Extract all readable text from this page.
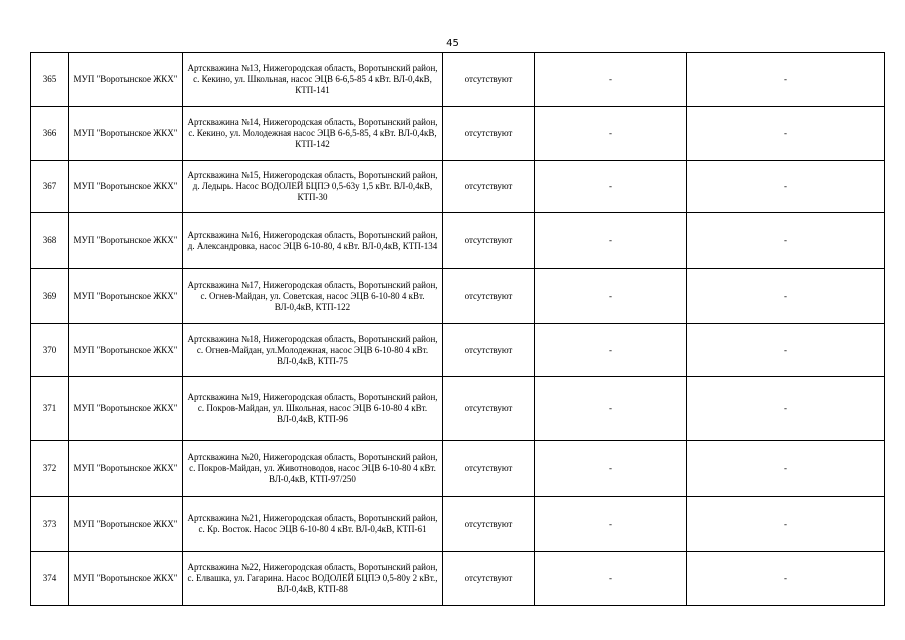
45
365	МУП "Воротынское ЖКХ"	Артскважина №13, Нижегородская область, Воротынский район, с. Кекино, ул. Школьная, насос ЭЦВ 6-6,5-85 4 кВт. ВЛ-0,4кВ, КТП-141	отсутствуют	-	-
366	МУП "Воротынское ЖКХ"	Артскважина №14, Нижегородская область, Воротынский район, с. Кекино, ул. Молодежная насос ЭЦВ 6-6,5-85, 4 кВт. ВЛ-0,4кВ, КТП-142	отсутствуют	-	-
367	МУП "Воротынское ЖКХ"	Артскважина №15, Нижегородская область, Воротынский район, д. Ледырь. Насос ВОДОЛЕЙ БЦПЭ 0,5-63у 1,5 кВт. ВЛ-0,4кВ, КТП-30	отсутствуют	-	-
368	МУП "Воротынское ЖКХ"	Артскважина №16, Нижегородская область, Воротынский район, д. Александровка, насос ЭЦВ 6-10-80, 4 кВт. ВЛ-0,4кВ, КТП-134	отсутствуют	-	-
369	МУП "Воротынское ЖКХ"	Артскважина №17, Нижегородская область, Воротынский район, с. Огнев-Майдан, ул. Советская, насос ЭЦВ 6-10-80 4 кВт. ВЛ-0,4кВ, КТП-122	отсутствуют	-	-
370	МУП "Воротынское ЖКХ"	Артскважина №18, Нижегородская область, Воротынский район, с. Огнев-Майдан, ул.Молодежная, насос ЭЦВ 6-10-80 4 кВт. ВЛ-0,4кВ, КТП-75	отсутствуют	-	-
371	МУП "Воротынское ЖКХ"	Артскважина №19, Нижегородская область, Воротынский район, с. Покров-Майдан, ул. Школьная, насос ЭЦВ 6-10-80 4 кВт. ВЛ-0,4кВ, КТП-96	отсутствуют	-	-
372	МУП "Воротынское ЖКХ"	Артскважина №20, Нижегородская область, Воротынский район, с. Покров-Майдан, ул. Животноводов, насос ЭЦВ 6-10-80 4 кВт. ВЛ-0,4кВ, КТП-97/250	отсутствуют	-	-
373	МУП "Воротынское ЖКХ"	Артскважина №21, Нижегородская область, Воротынский район, с. Кр. Восток. Насос ЭЦВ 6-10-80 4 кВт. ВЛ-0,4кВ, КТП-61	отсутствуют	-	-
374	МУП "Воротынское ЖКХ"	Артскважина №22, Нижегородская область, Воротынский район, с. Елвашка, ул. Гагарина. Насос ВОДОЛЕЙ БЦПЭ 0,5-80у 2 кВт., ВЛ-0,4кВ, КТП-88	отсутствуют	-	-
